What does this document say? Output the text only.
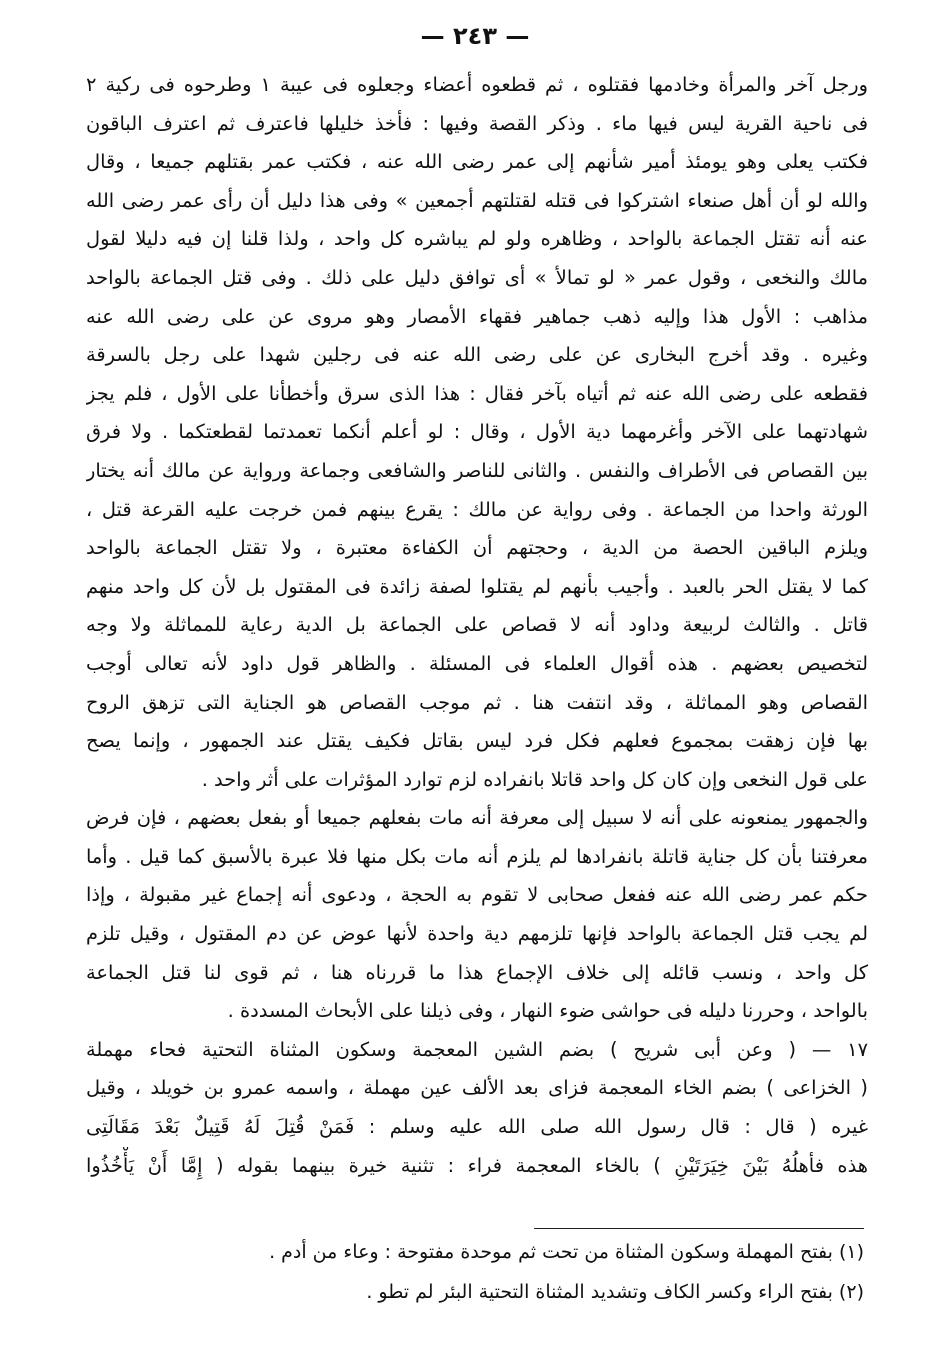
— ٢٤٣ —
ورجل آخر والمرأة وخادمها فقتلوه ، ثم قطعوه أعضاء وجعلوه فى عيبة ١ وطرحوه فى ركية ٢
فى ناحية القرية ليس فيها ماء . وذكر القصة وفيها : فأخذ خليلها فاعترف ثم اعترف الباقون
فكتب يعلى وهو يومئذ أمير شأنهم إلى عمر رضى الله عنه ، فكتب عمر بقتلهم جميعا ، وقال
والله لو أن أهل صنعاء اشتركوا فى قتله لقتلتهم أجمعين » وفى هذا دليل أن رأى عمر رضى الله
عنه أنه تقتل الجماعة بالواحد ، وظاهره ولو لم يباشره كل واحد ، ولذا قلنا إن فيه دليلا لقول
مالك والنخعى ، وقول عمر « لو تمالأ » أى توافق دليل على ذلك . وفى قتل الجماعة بالواحد
مذاهب : الأول هذا وإليه ذهب جماهير فقهاء الأمصار وهو مروى عن على رضى الله عنه
وغيره . وقد أخرج البخارى عن على رضى الله عنه فى رجلين شهدا على رجل بالسرقة
فقطعه على رضى الله عنه ثم أتياه بآخر فقال : هذا الذى سرق وأخطأنا على الأول ، فلم يجز
شهادتهما على الآخر وأغرمهما دية الأول ، وقال : لو أعلم أنكما تعمدتما لقطعتكما . ولا فرق
بين القصاص فى الأطراف والنفس . والثانى للناصر والشافعى وجماعة ورواية عن مالك أنه يختار
الورثة واحدا من الجماعة . وفى رواية عن مالك : يقرع بينهم فمن خرجت عليه القرعة قتل ،
ويلزم الباقين الحصة من الدية ، وحجتهم أن الكفاءة معتبرة ، ولا تقتل الجماعة بالواحد
كما لا يقتل الحر بالعبد . وأجيب بأنهم لم يقتلوا لصفة زائدة فى المقتول بل لأن كل واحد منهم
قاتل . والثالث لربيعة وداود أنه لا قصاص على الجماعة بل الدية رعاية للمماثلة ولا وجه
لتخصيص بعضهم . هذه أقوال العلماء فى المسئلة . والظاهر قول داود لأنه تعالى أوجب
القصاص وهو المماثلة ، وقد انتفت هنا . ثم موجب القصاص هو الجناية التى تزهق الروح
بها فإن زهقت بمجموع فعلهم فكل فرد ليس بقاتل فكيف يقتل عند الجمهور ، وإنما يصح
على قول النخعى وإن كان كل واحد قاتلا بانفراده لزم توارد المؤثرات على أثر واحد .
والجمهور يمنعونه على أنه لا سبيل إلى معرفة أنه مات بفعلهم جميعا أو بفعل بعضهم ، فإن فرض
معرفتنا بأن كل جناية قاتلة بانفرادها لم يلزم أنه مات بكل منها فلا عبرة بالأسبق كما قيل . وأما
حكم عمر رضى الله عنه ففعل صحابى لا تقوم به الحجة ، ودعوى أنه إجماع غير مقبولة ، وإذا
لم يجب قتل الجماعة بالواحد فإنها تلزمهم دية واحدة لأنها عوض عن دم المقتول ، وقيل تلزم
كل واحد ، ونسب قائله إلى خلاف الإجماع هذا ما قررناه هنا ، ثم قوى لنا قتل الجماعة
بالواحد ، وحررنا دليله فى حواشى ضوء النهار ، وفى ذيلنا على الأبحاث المسددة .
١٧ — ( وعن أبى شريح ) بضم الشين المعجمة وسكون المثناة التحتية فحاء مهملة
( الخزاعى ) بضم الخاء المعجمة فزاى بعد الألف عين مهملة ، واسمه عمرو بن خويلد ، وقيل
غيره ( قال : قال رسول الله صلى الله عليه وسلم : فَمَنْ قُتِلَ لَهُ قَتِيلٌ بَعْدَ مَقَالَتِى
هذه فأهلُهُ بَيْنَ خِيَرَتَيْنِ ) بالخاء المعجمة فراء : تثنية خيرة بينهما بقوله ( إِمَّا أَنْ يَأْخُذُوا
(١) بفتح المهملة وسكون المثناة من تحت ثم موحدة مفتوحة : وعاء من أدم .
(٢) بفتح الراء وكسر الكاف وتشديد المثناة التحتية البئر لم تطو .
